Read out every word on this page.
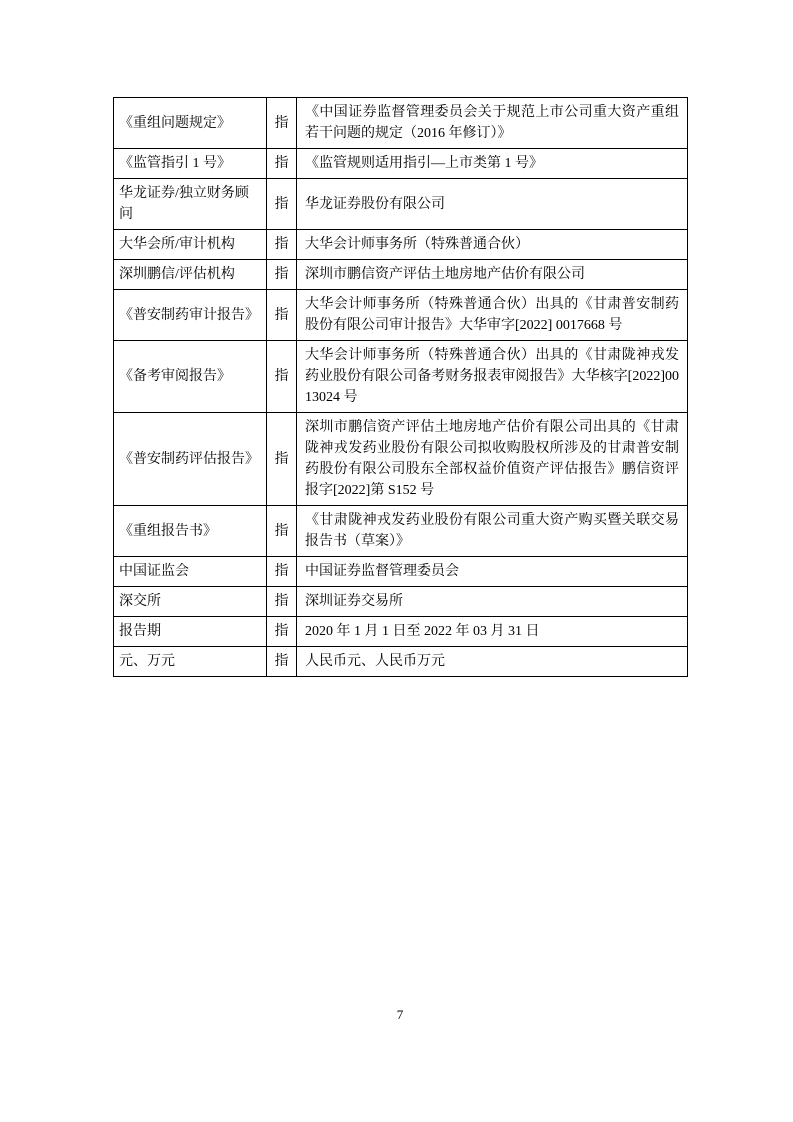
《重组问题规定》	指	《中国证券监督管理委员会关于规范上市公司重大资产重组若干问题的规定（2016 年修订）》
《监管指引 1 号》	指	《监管规则适用指引—上市类第 1 号》
华龙证券/独立财务顾问	指	华龙证券股份有限公司
大华会所/审计机构	指	大华会计师事务所（特殊普通合伙）
深圳鹏信/评估机构	指	深圳市鹏信资产评估土地房地产估价有限公司
《普安制药审计报告》	指	大华会计师事务所（特殊普通合伙）出具的《甘肃普安制药股份有限公司审计报告》大华审字[2022] 0017668 号
《备考审阅报告》	指	大华会计师事务所（特殊普通合伙）出具的《甘肃陇神戎发药业股份有限公司备考财务报表审阅报告》大华核字[2022]0013024 号
《普安制药评估报告》	指	深圳市鹏信资产评估土地房地产估价有限公司出具的《甘肃陇神戎发药业股份有限公司拟收购股权所涉及的甘肃普安制药股份有限公司股东全部权益价值资产评估报告》鹏信资评报字[2022]第 S152 号
《重组报告书》	指	《甘肃陇神戎发药业股份有限公司重大资产购买暨关联交易报告书（草案）》
中国证监会	指	中国证券监督管理委员会
深交所	指	深圳证券交易所
报告期	指	2020 年 1 月 1 日至 2022 年 03 月 31 日
元、万元	指	人民币元、人民币万元
7
